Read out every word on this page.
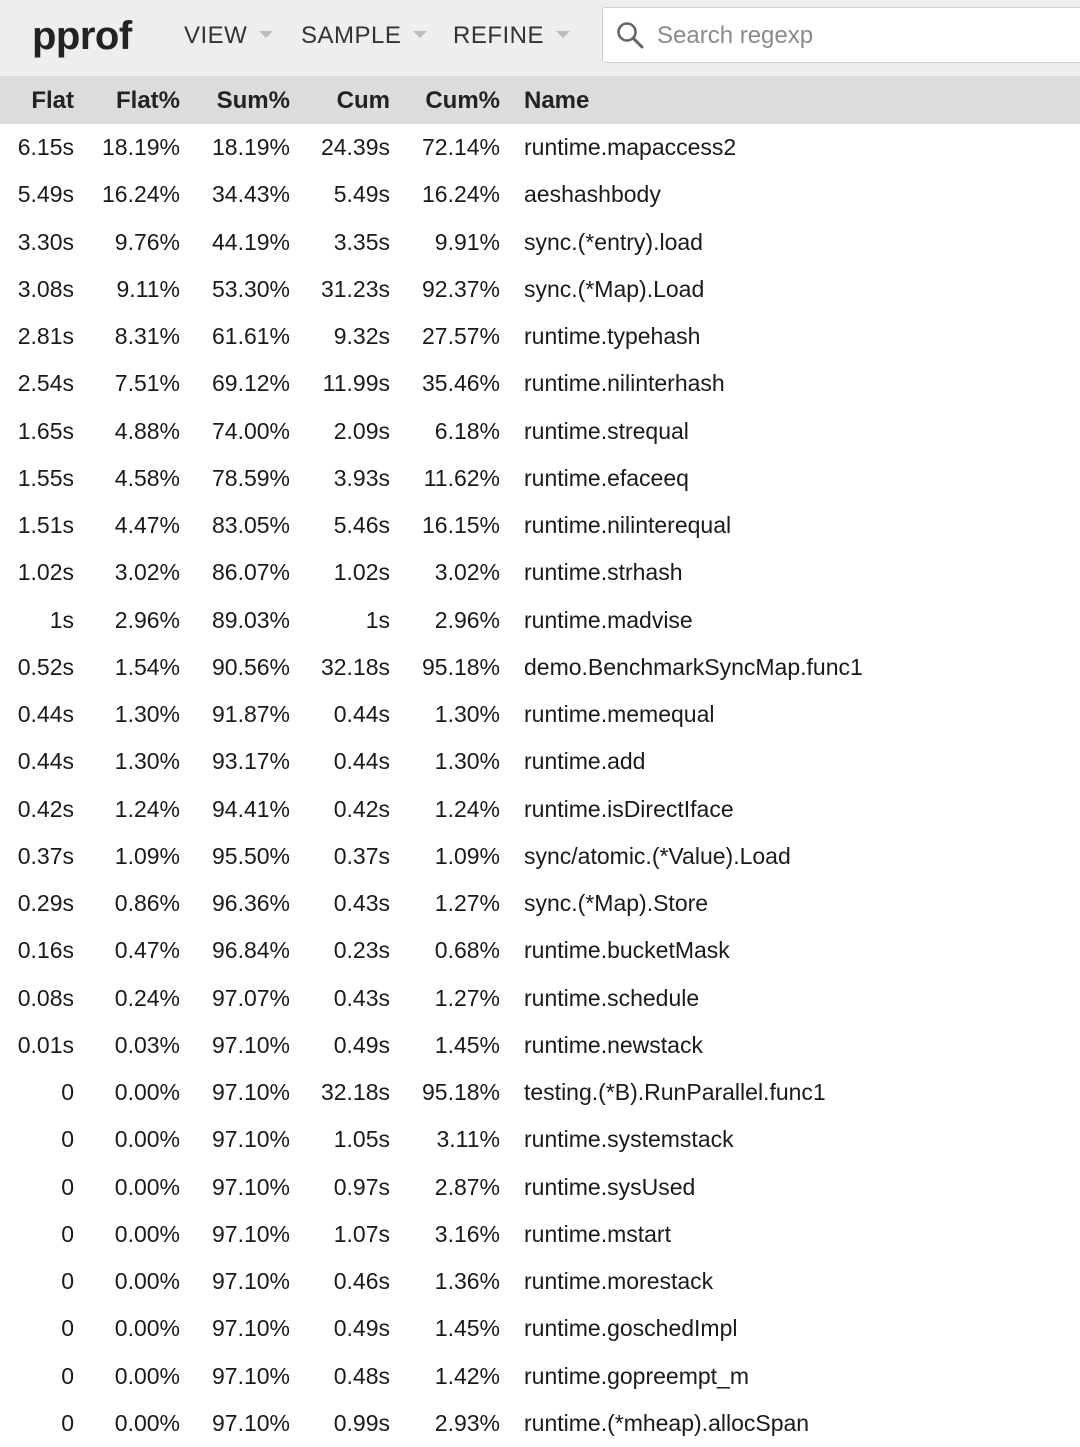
pprof VIEW	SAMPLE	REFINE
Search regexp
Flat	Flat%	Sum%	Cum	Cum%		Name
6.15s	18.19%	18.19%	24.39s	72.14%		runtime.mapaccess2
5.49s	16.24%	34.43%	5.49s	16.24%		aeshashbody
3.30s	9.76%	44.19%	3.35s	9.91%		sync.(*entry).load
3.08s	9.11%	53.30%	31.23s	92.37%		sync.(*Map).Load
2.81s	8.31%	61.61%	9.32s	27.57%		runtime.typehash
2.54s	7.51%	69.12%	11.99s	35.46%		runtime.nilinterhash
1.65s	4.88%	74.00%	2.09s	6.18%		runtime.strequal
1.55s	4.58%	78.59%	3.93s	11.62%		runtime.efaceeq
1.51s	4.47%	83.05%	5.46s	16.15%		runtime.nilinterequal
1.02s	3.02%	86.07%	1.02s	3.02%		runtime.strhash
1s	2.96%	89.03%	1s	2.96%		runtime.madvise
0.52s	1.54%	90.56%	32.18s	95.18%		demo.BenchmarkSyncMap.func1
0.44s	1.30%	91.87%	0.44s	1.30%		runtime.memequal
0.44s	1.30%	93.17%	0.44s	1.30%		runtime.add
0.42s	1.24%	94.41%	0.42s	1.24%		runtime.isDirectIface
0.37s	1.09%	95.50%	0.37s	1.09%		sync/atomic.(*Value).Load
0.29s	0.86%	96.36%	0.43s	1.27%		sync.(*Map).Store
0.16s	0.47%	96.84%	0.23s	0.68%		runtime.bucketMask
0.08s	0.24%	97.07%	0.43s	1.27%		runtime.schedule
0.01s	0.03%	97.10%	0.49s	1.45%		runtime.newstack
0	0.00%	97.10%	32.18s	95.18%		testing.(*B).RunParallel.func1
0	0.00%	97.10%	1.05s	3.11%		runtime.systemstack
0	0.00%	97.10%	0.97s	2.87%		runtime.sysUsed
0	0.00%	97.10%	1.07s	3.16%		runtime.mstart
0	0.00%	97.10%	0.46s	1.36%		runtime.morestack
0	0.00%	97.10%	0.49s	1.45%		runtime.goschedImpl
0	0.00%	97.10%	0.48s	1.42%		runtime.gopreempt_m
0	0.00%	97.10%	0.99s	2.93%		runtime.(*mheap).allocSpan
